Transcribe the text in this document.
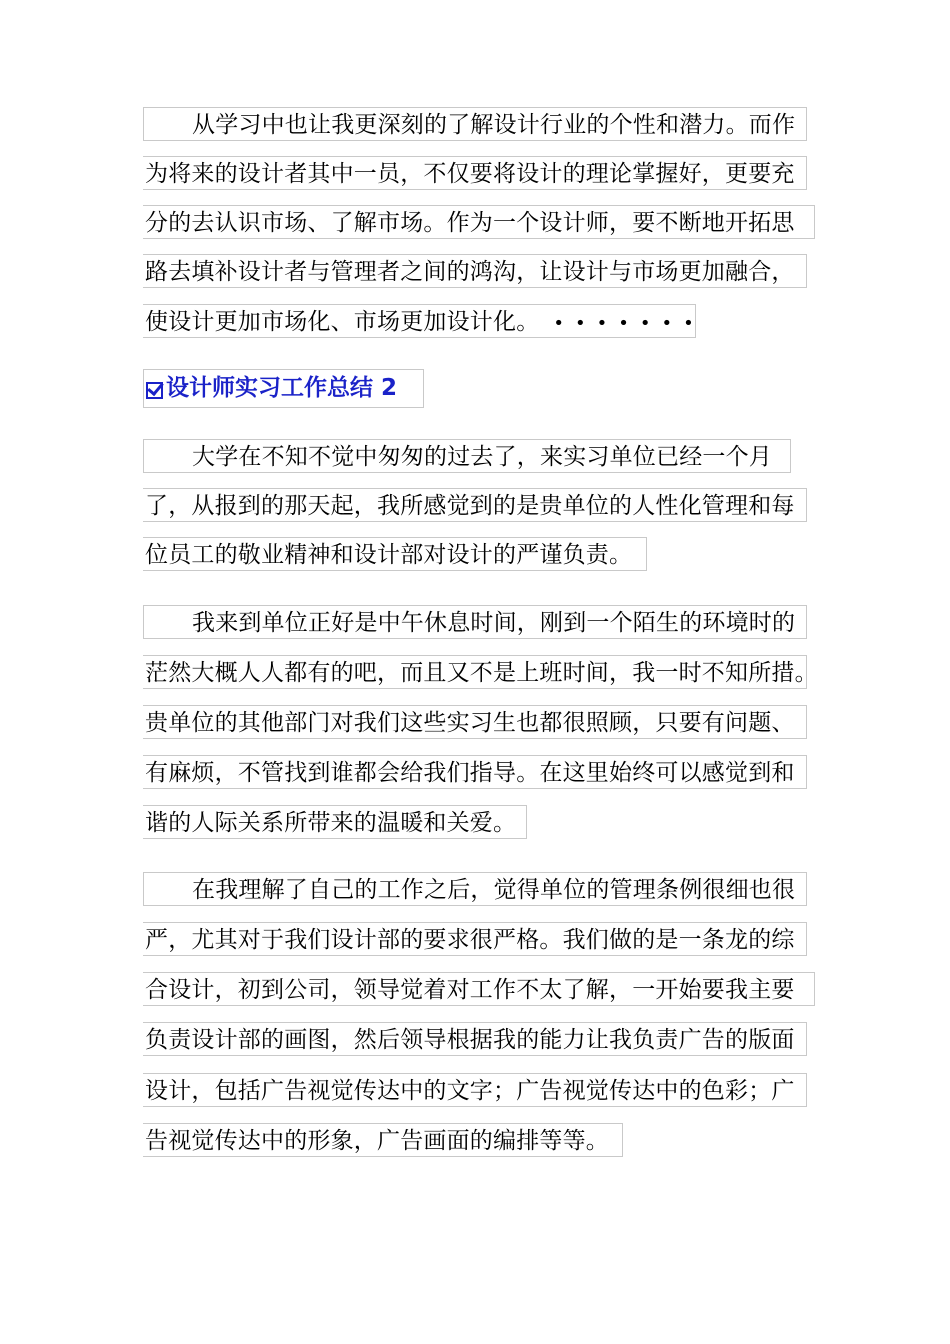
从学习中也让我更深刻的了解设计行业的个性和潜力。而作
为将来的设计者其中一员，不仅要将设计的理论掌握好，更要充
分的去认识市场、了解市场。作为一个设计师，要不断地开拓思
路去填补设计者与管理者之间的鸿沟，让设计与市场更加融合，
使设计更加市场化、市场更加设计化。 •••••••
设计师实习工作总结 2
大学在不知不觉中匆匆的过去了，来实习单位已经一个月
了，从报到的那天起，我所感觉到的是贵单位的人性化管理和每
位员工的敬业精神和设计部对设计的严谨负责。
我来到单位正好是中午休息时间，刚到一个陌生的环境时的
茫然大概人人都有的吧，而且又不是上班时间，我一时不知所措。
贵单位的其他部门对我们这些实习生也都很照顾，只要有问题、
有麻烦，不管找到谁都会给我们指导。在这里始终可以感觉到和
谐的人际关系所带来的温暖和关爱。
在我理解了自己的工作之后，觉得单位的管理条例很细也很
严，尤其对于我们设计部的要求很严格。我们做的是一条龙的综
合设计，初到公司，领导觉着对工作不太了解，一开始要我主要
负责设计部的画图，然后领导根据我的能力让我负责广告的版面
设计，包括广告视觉传达中的文字；广告视觉传达中的色彩；广
告视觉传达中的形象，广告画面的编排等等。
